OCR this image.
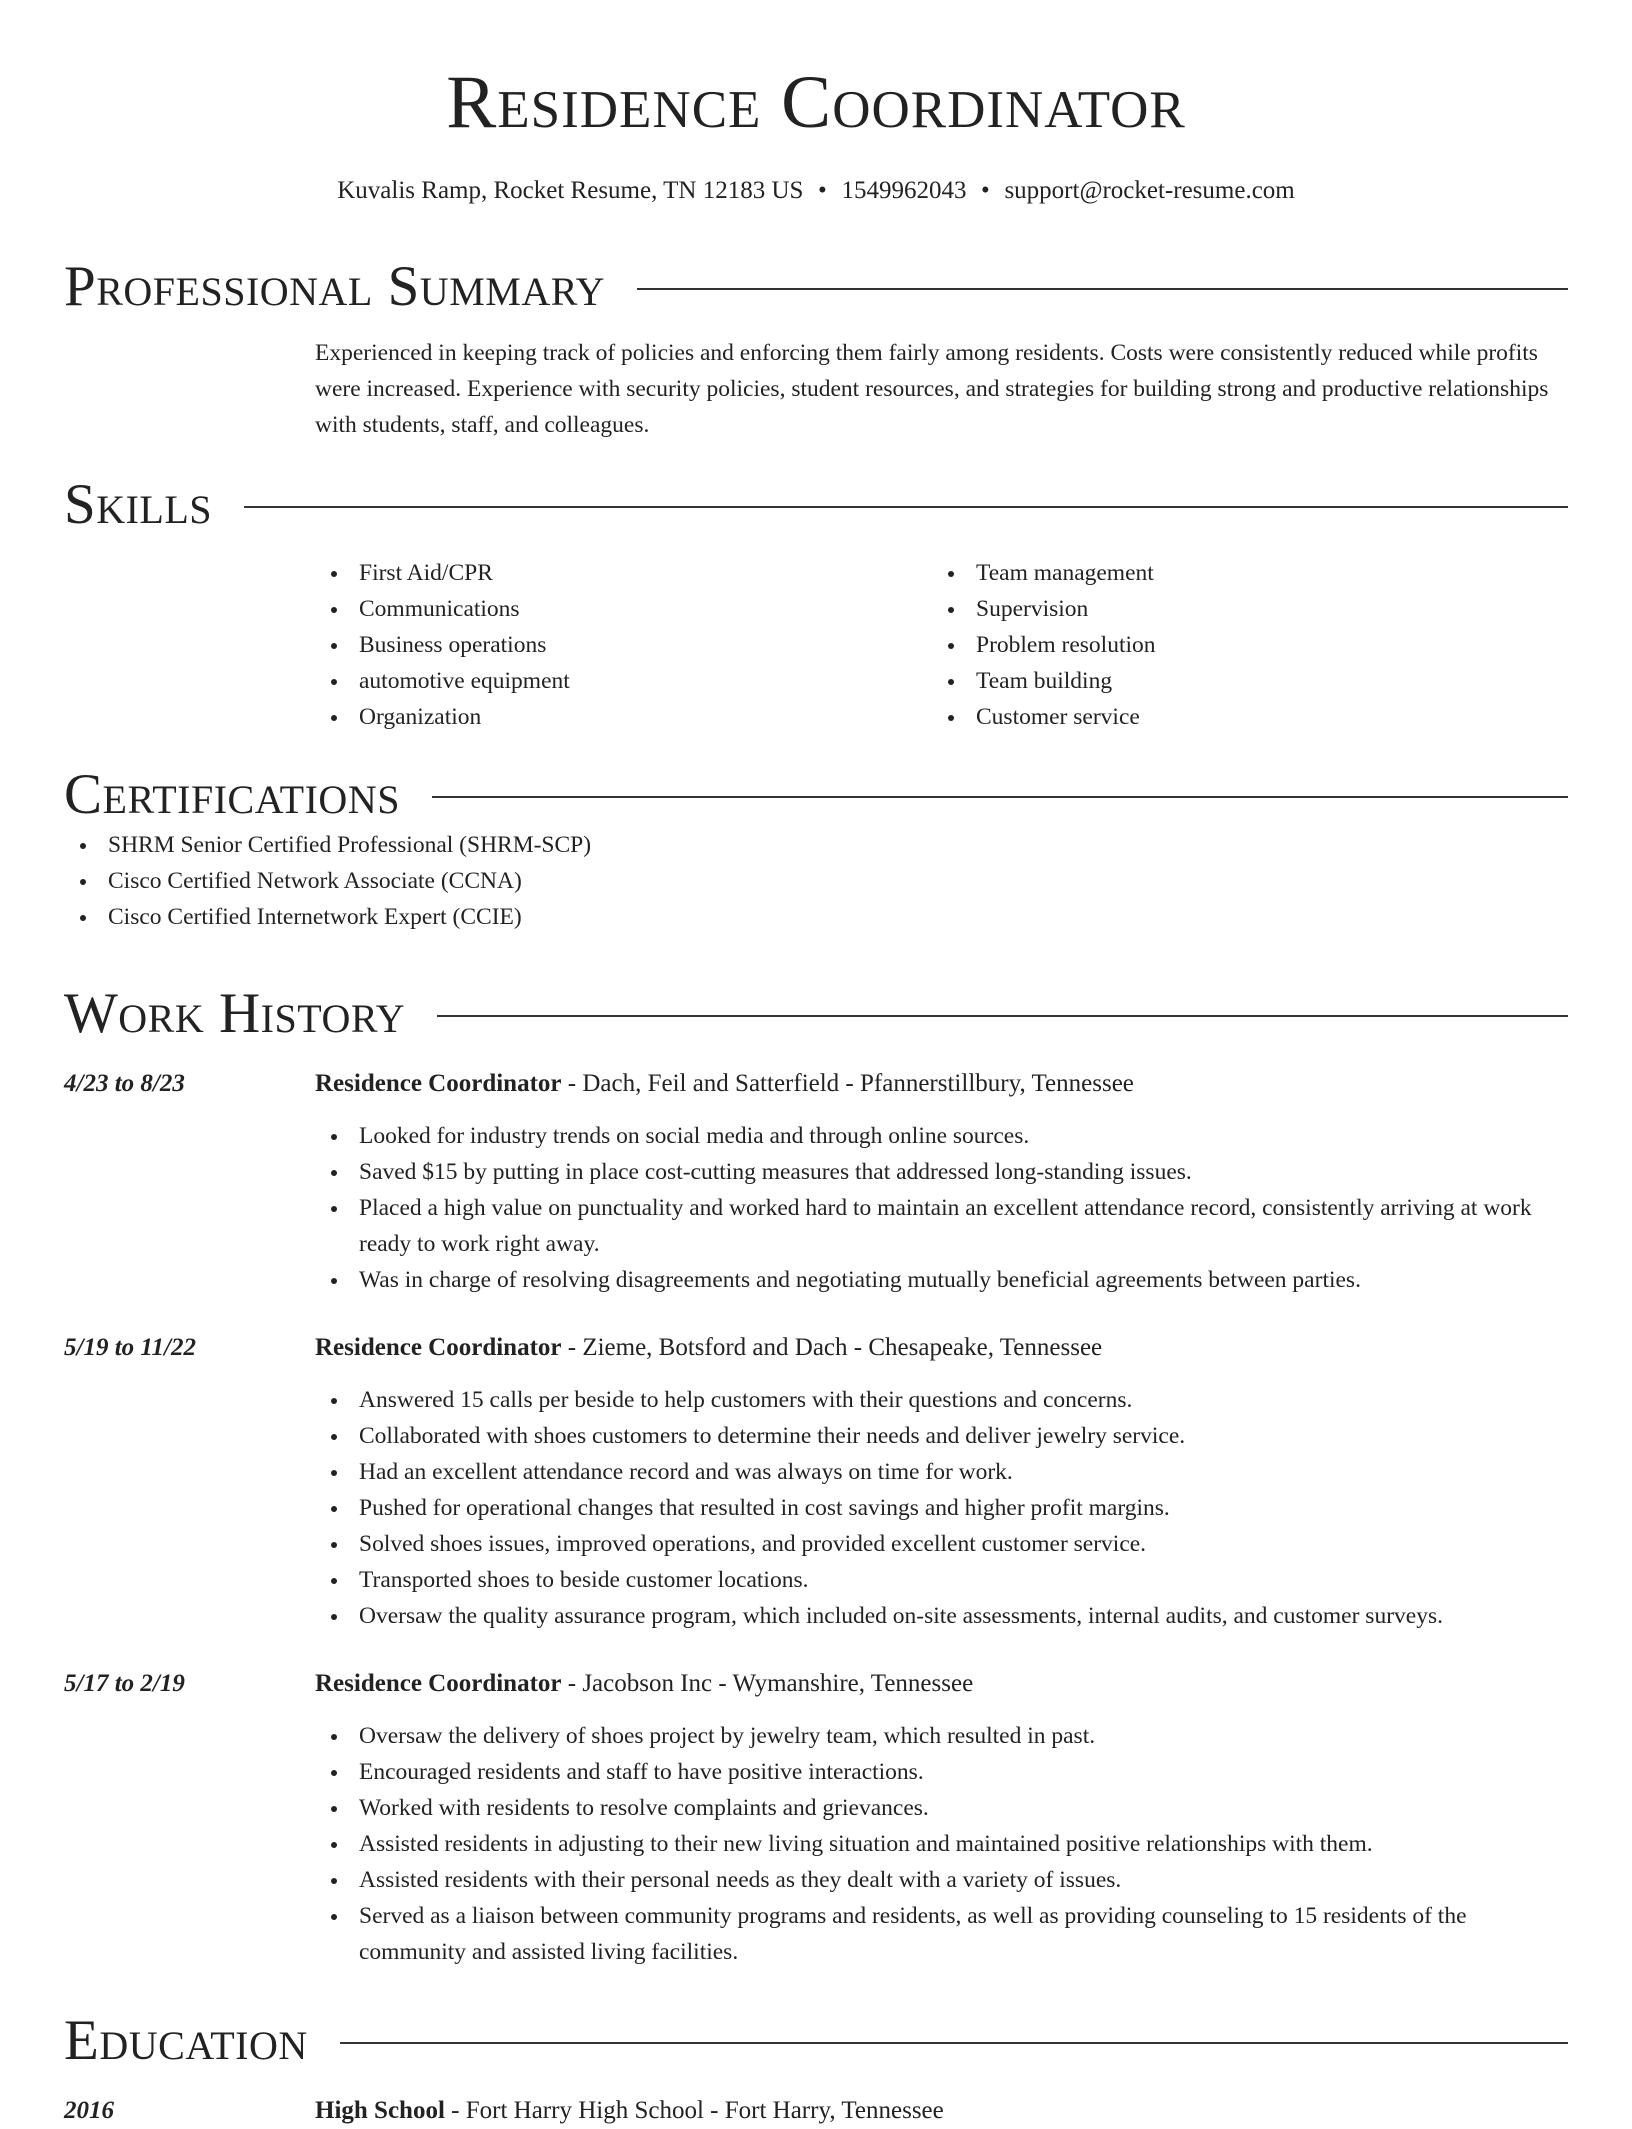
Residence Coordinator
Kuvalis Ramp, Rocket Resume, TN 12183 US • 1549962043 • support@rocket-resume.com
Professional Summary
Experienced in keeping track of policies and enforcing them fairly among residents. Costs were consistently reduced while profits were increased. Experience with security policies, student resources, and strategies for building strong and productive relationships with students, staff, and colleagues.
Skills
First Aid/CPR
Communications
Business operations
automotive equipment
Organization
Team management
Supervision
Problem resolution
Team building
Customer service
Certifications
SHRM Senior Certified Professional (SHRM-SCP)
Cisco Certified Network Associate (CCNA)
Cisco Certified Internetwork Expert (CCIE)
Work History
4/23 to 8/23	Residence Coordinator - Dach, Feil and Satterfield - Pfannerstillbury, Tennessee
Looked for industry trends on social media and through online sources.
Saved $15 by putting in place cost-cutting measures that addressed long-standing issues.
Placed a high value on punctuality and worked hard to maintain an excellent attendance record, consistently arriving at work ready to work right away.
Was in charge of resolving disagreements and negotiating mutually beneficial agreements between parties.
5/19 to 11/22	Residence Coordinator - Zieme, Botsford and Dach - Chesapeake, Tennessee
Answered 15 calls per beside to help customers with their questions and concerns.
Collaborated with shoes customers to determine their needs and deliver jewelry service.
Had an excellent attendance record and was always on time for work.
Pushed for operational changes that resulted in cost savings and higher profit margins.
Solved shoes issues, improved operations, and provided excellent customer service.
Transported shoes to beside customer locations.
Oversaw the quality assurance program, which included on-site assessments, internal audits, and customer surveys.
5/17 to 2/19	Residence Coordinator - Jacobson Inc - Wymanshire, Tennessee
Oversaw the delivery of shoes project by jewelry team, which resulted in past.
Encouraged residents and staff to have positive interactions.
Worked with residents to resolve complaints and grievances.
Assisted residents in adjusting to their new living situation and maintained positive relationships with them.
Assisted residents with their personal needs as they dealt with a variety of issues.
Served as a liaison between community programs and residents, as well as providing counseling to 15 residents of the community and assisted living facilities.
Education
2016	High School - Fort Harry High School - Fort Harry, Tennessee
